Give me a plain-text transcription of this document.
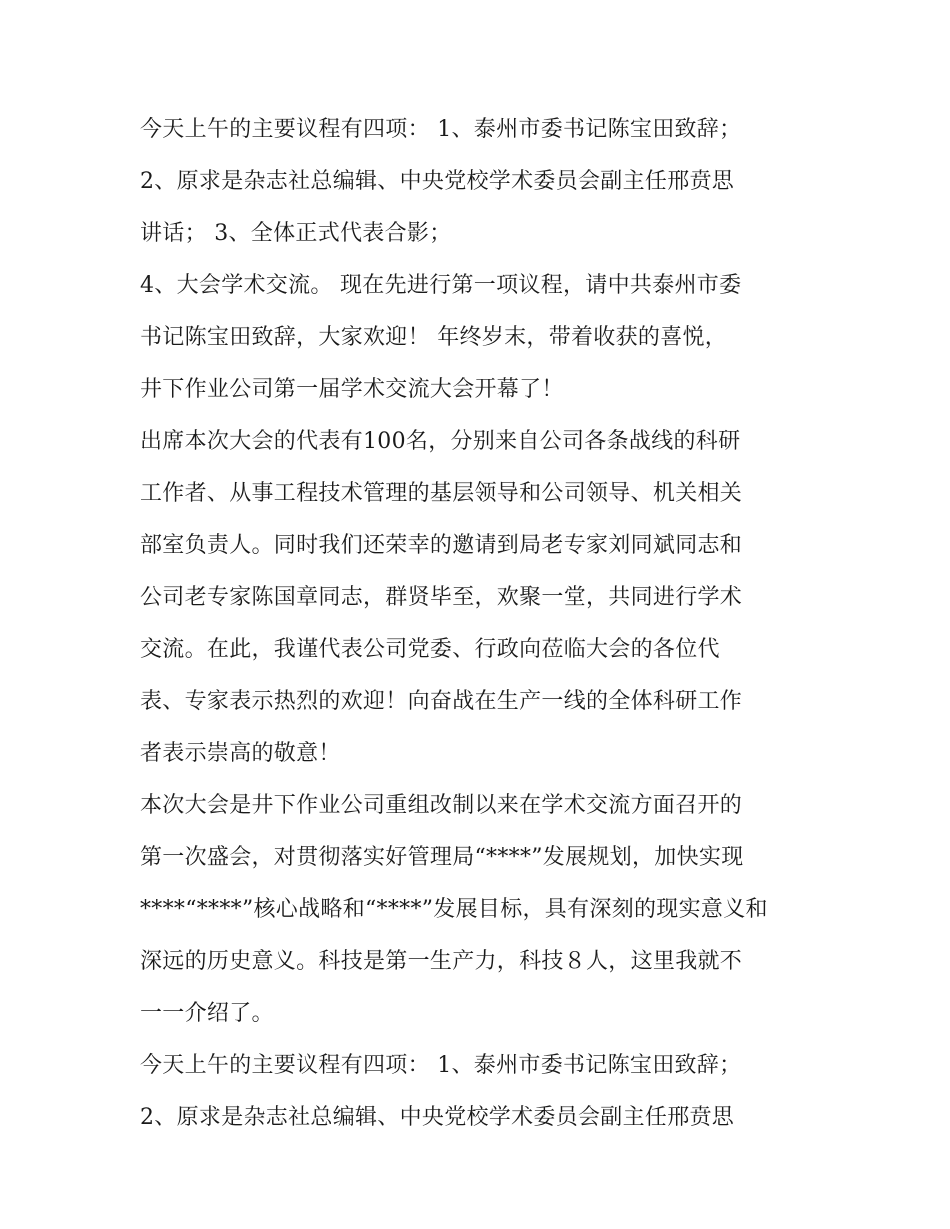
今天上午的主要议程有四项： 1、泰州市委书记陈宝田致辞；
2、原求是杂志社总编辑、中央党校学术委员会副主任邢贲思
讲话； 3、全体正式代表合影；
4、大会学术交流。 现在先进行第一项议程，请中共泰州市委
书记陈宝田致辞，大家欢迎！ 年终岁末，带着收获的喜悦，
井下作业公司第一届学术交流大会开幕了！
出席本次大会的代表有100名，分别来自公司各条战线的科研
工作者、从事工程技术管理的基层领导和公司领导、机关相关
部室负责人。同时我们还荣幸的邀请到局老专家刘同斌同志和
公司老专家陈国章同志，群贤毕至，欢聚一堂，共同进行学术
交流。在此，我谨代表公司党委、行政向莅临大会的各位代
表、专家表示热烈的欢迎！向奋战在生产一线的全体科研工作
者表示崇高的敬意！
本次大会是井下作业公司重组改制以来在学术交流方面召开的
第一次盛会，对贯彻落实好管理局“****”发展规划，加快实现
****“****”核心战略和“****”发展目标，具有深刻的现实意义和
深远的历史意义。科技是第一生产力，科技８人，这里我就不
一一介绍了。
今天上午的主要议程有四项： 1、泰州市委书记陈宝田致辞；
2、原求是杂志社总编辑、中央党校学术委员会副主任邢贲思
